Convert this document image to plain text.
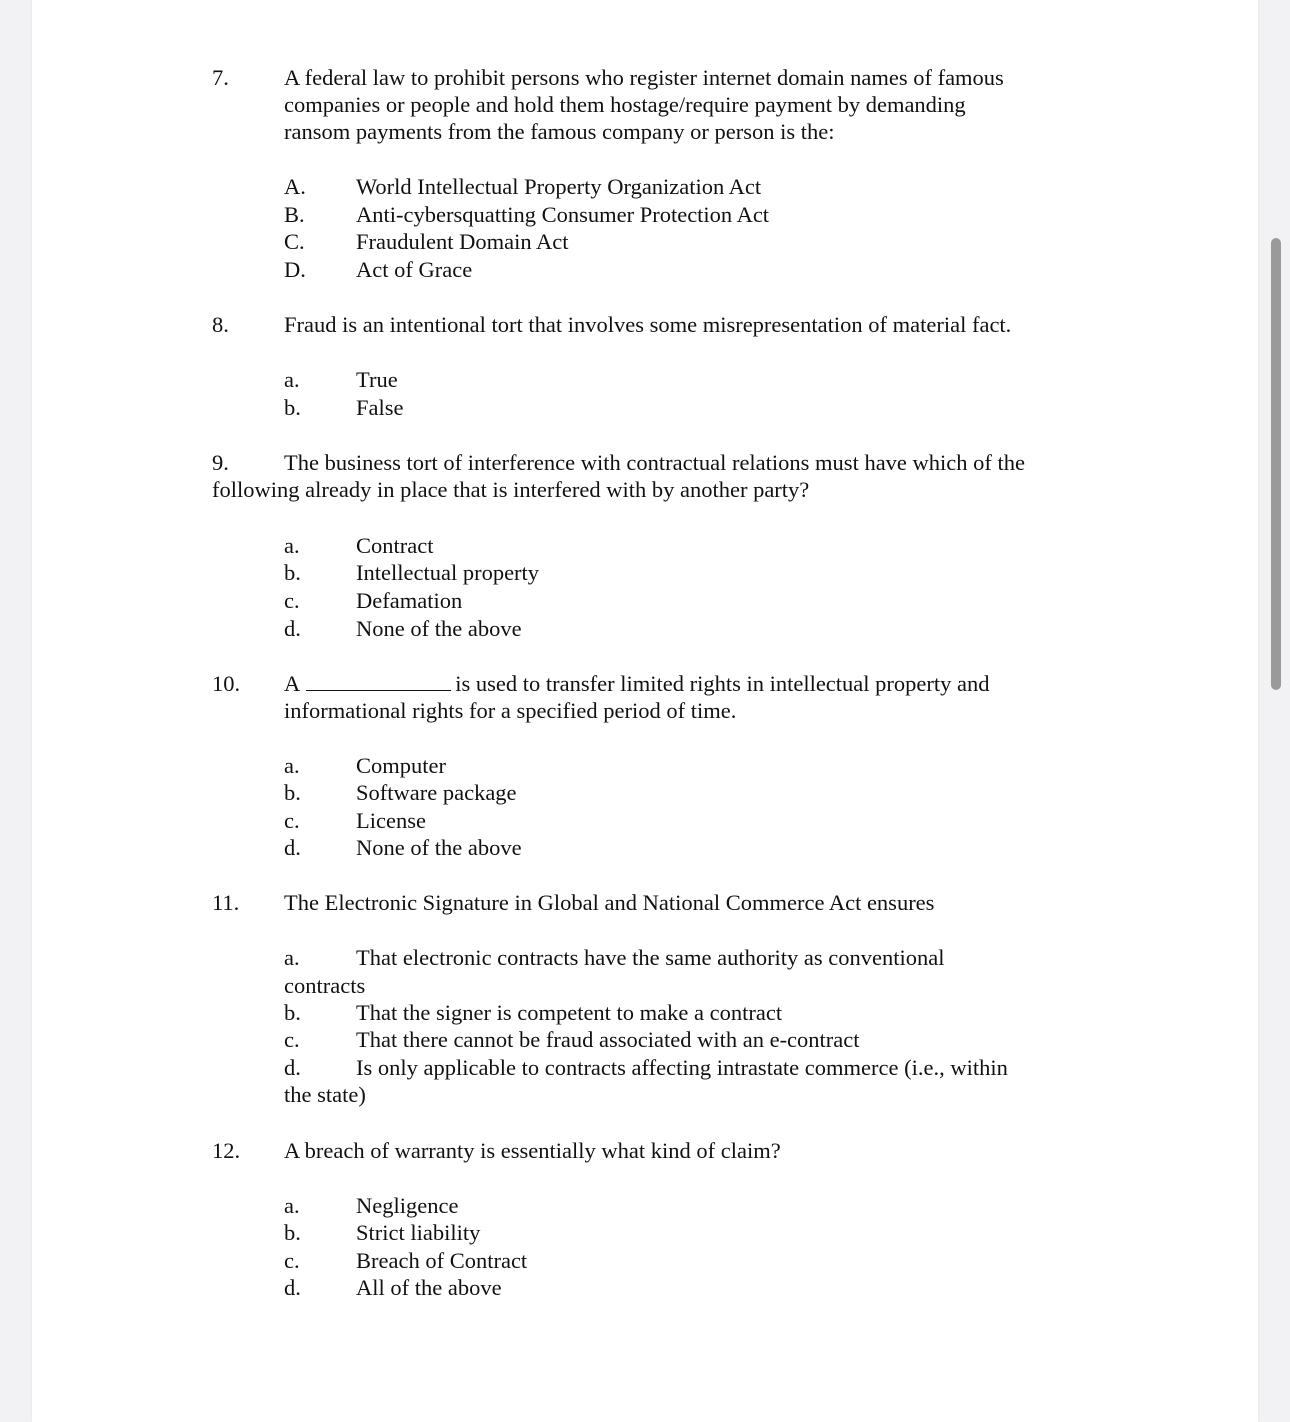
7. A federal law to prohibit persons who register internet domain names of famous
companies or people and hold them hostage/require payment by demanding
ransom payments from the famous company or person is the:
A. World Intellectual Property Organization Act
B. Anti-cybersquatting Consumer Protection Act
C. Fraudulent Domain Act
D. Act of Grace
8. Fraud is an intentional tort that involves some misrepresentation of material fact.
a.	True
b. False
9. The business tort of interference with contractual relations must have which of the
following already in place that is interfered with by another party?
a.	Contract
b. Intellectual property
c.	Defamation
d. None of the above
10. A	is used to transfer limited rights in intellectual property and
informational rights for a specified period of time.
a.	Computer
b. Software package
c.	License
d. None of the above
11. The Electronic Signature in Global and National Commerce Act ensures
a.	That electronic contracts have the same authority as conventional
contracts
b. That the signer is competent to make a contract
c.	That there cannot be fraud associated with an e-contract
d. Is only applicable to contracts affecting intrastate commerce (i.e., within
the state)
12. A breach of warranty is essentially what kind of claim?
a.	Negligence
b. Strict liability
c.	Breach of Contract
d. All of the above
